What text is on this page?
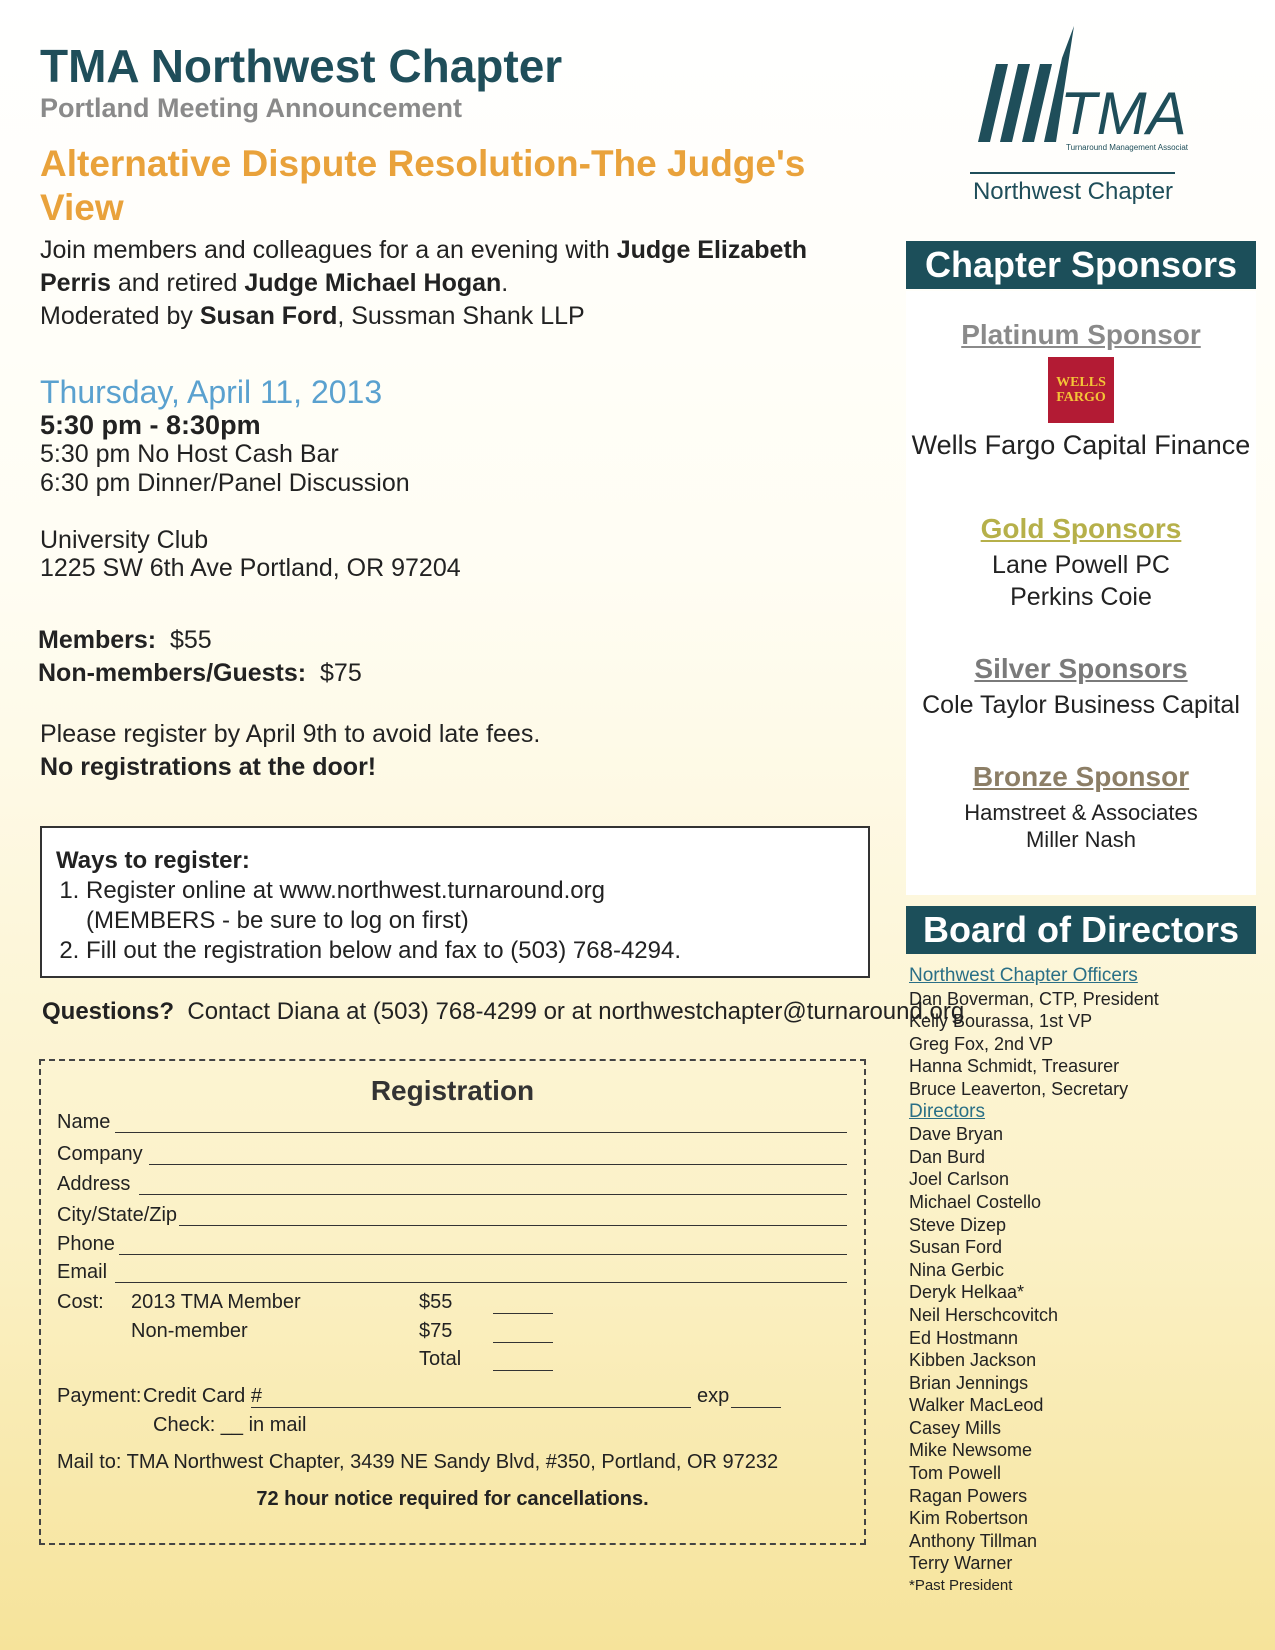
TMA Northwest Chapter

Portland Meeting Announcement

Alternative Dispute Resolution-The Judge's View

Join members and colleagues for a an evening with Judge Elizabeth Perris and retired Judge Michael Hogan.
Moderated by Susan Ford, Sussman Shank LLP
Thursday, April 11, 2013
5:30 pm - 8:30pm
5:30 pm No Host Cash Bar
6:30 pm Dinner/Panel Discussion
University Club
1225 SW 6th Ave Portland, OR 97204
Members: $55
Non-members/Guests: $75
Please register by April 9th to avoid late fees.
No registrations at the door!
Ways to register:
1. Register online at www.northwest.turnaround.org
(MEMBERS - be sure to log on first)
2. Fill out the registration below and fax to (503) 768-4294.
Questions? Contact Diana at (503) 768-4299 or at northwestchapter@turnaround.org
Registration
Name
Company
Address
City/State/Zip
Phone
Email
Cost: 2013 TMA Member	$55
Non-member	$75
Total
Payment: Credit Card #	exp
Check: __ in mail
Mail to: TMA Northwest Chapter, 3439 NE Sandy Blvd, #350, Portland, OR 97232
72 hour notice required for cancellations.
TMA
Turnaround Management Associat
Northwest Chapter
Chapter Sponsors
Platinum Sponsor
WELLS FARGO
Wells Fargo Capital Finance
Gold Sponsors
Lane Powell PC
Perkins Coie
Silver Sponsors
Cole Taylor Business Capital
Bronze Sponsor
Hamstreet & Associates
Miller Nash
Board of Directors
Northwest Chapter Officers
Dan Boverman, CTP, President
Kelly Bourassa, 1st VP
Greg Fox, 2nd VP
Hanna Schmidt, Treasurer
Bruce Leaverton, Secretary
Directors
Dave Bryan
Dan Burd
Joel Carlson
Michael Costello
Steve Dizep
Susan Ford
Nina Gerbic
Deryk Helkaa*
Neil Herschcovitch
Ed Hostmann
Kibben Jackson
Brian Jennings
Walker MacLeod
Casey Mills
Mike Newsome
Tom Powell
Ragan Powers
Kim Robertson
Anthony Tillman
Terry Warner
*Past President
